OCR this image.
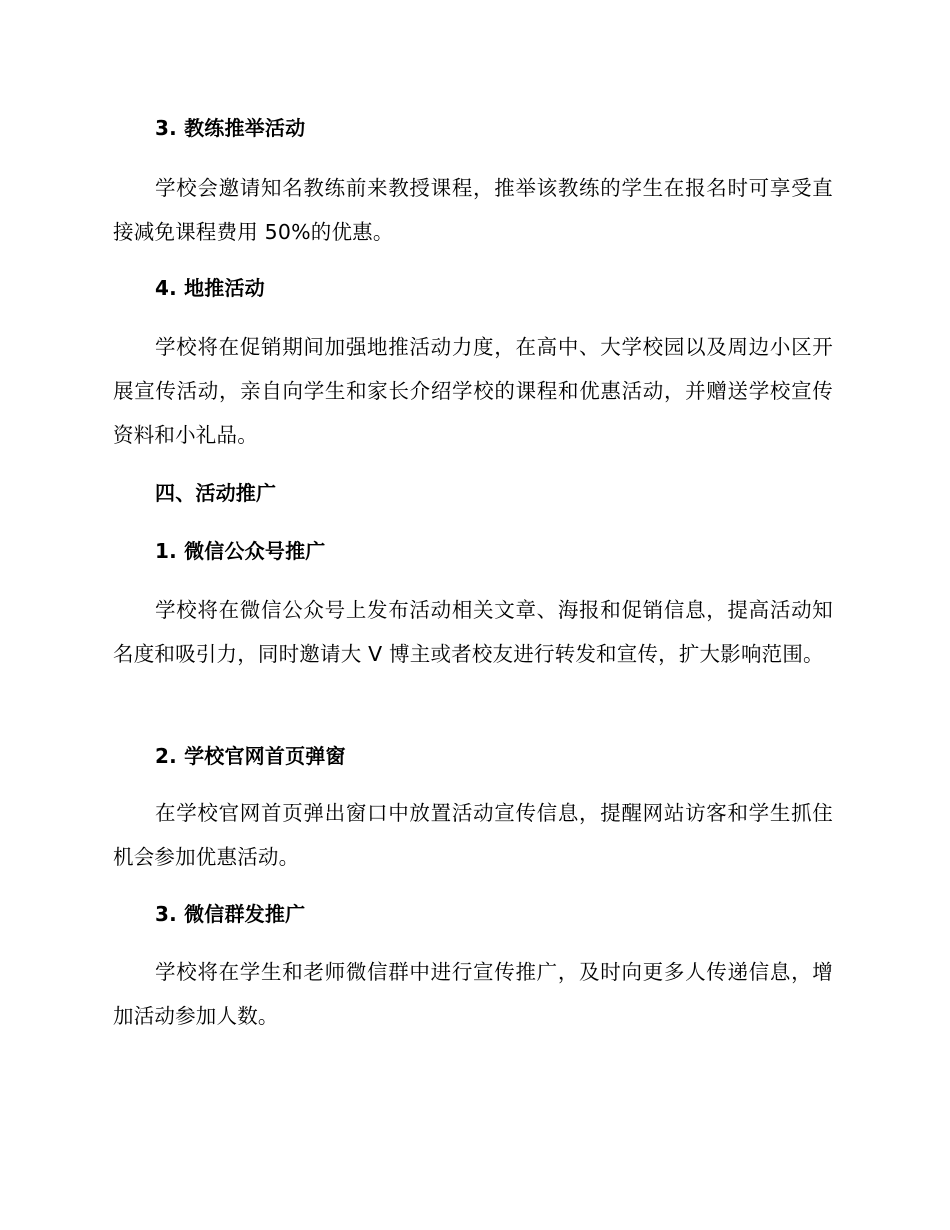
3. 教练推举活动

学校会邀请知名教练前来教授课程，推举该教练的学生在报名时可享受直接减免课程费用 50%的优惠。

4. 地推活动

学校将在促销期间加强地推活动力度，在高中、大学校园以及周边小区开展宣传活动，亲自向学生和家长介绍学校的课程和优惠活动，并赠送学校宣传资料和小礼品。

四、活动推广
1. 微信公众号推广

学校将在微信公众号上发布活动相关文章、海报和促销信息，提高活动知名度和吸引力，同时邀请大 V 博主或者校友进行转发和宣传，扩大影响范围。

2. 学校官网首页弹窗

在学校官网首页弹出窗口中放置活动宣传信息，提醒网站访客和学生抓住机会参加优惠活动。

3. 微信群发推广

学校将在学生和老师微信群中进行宣传推广，及时向更多人传递信息，增加活动参加人数。
